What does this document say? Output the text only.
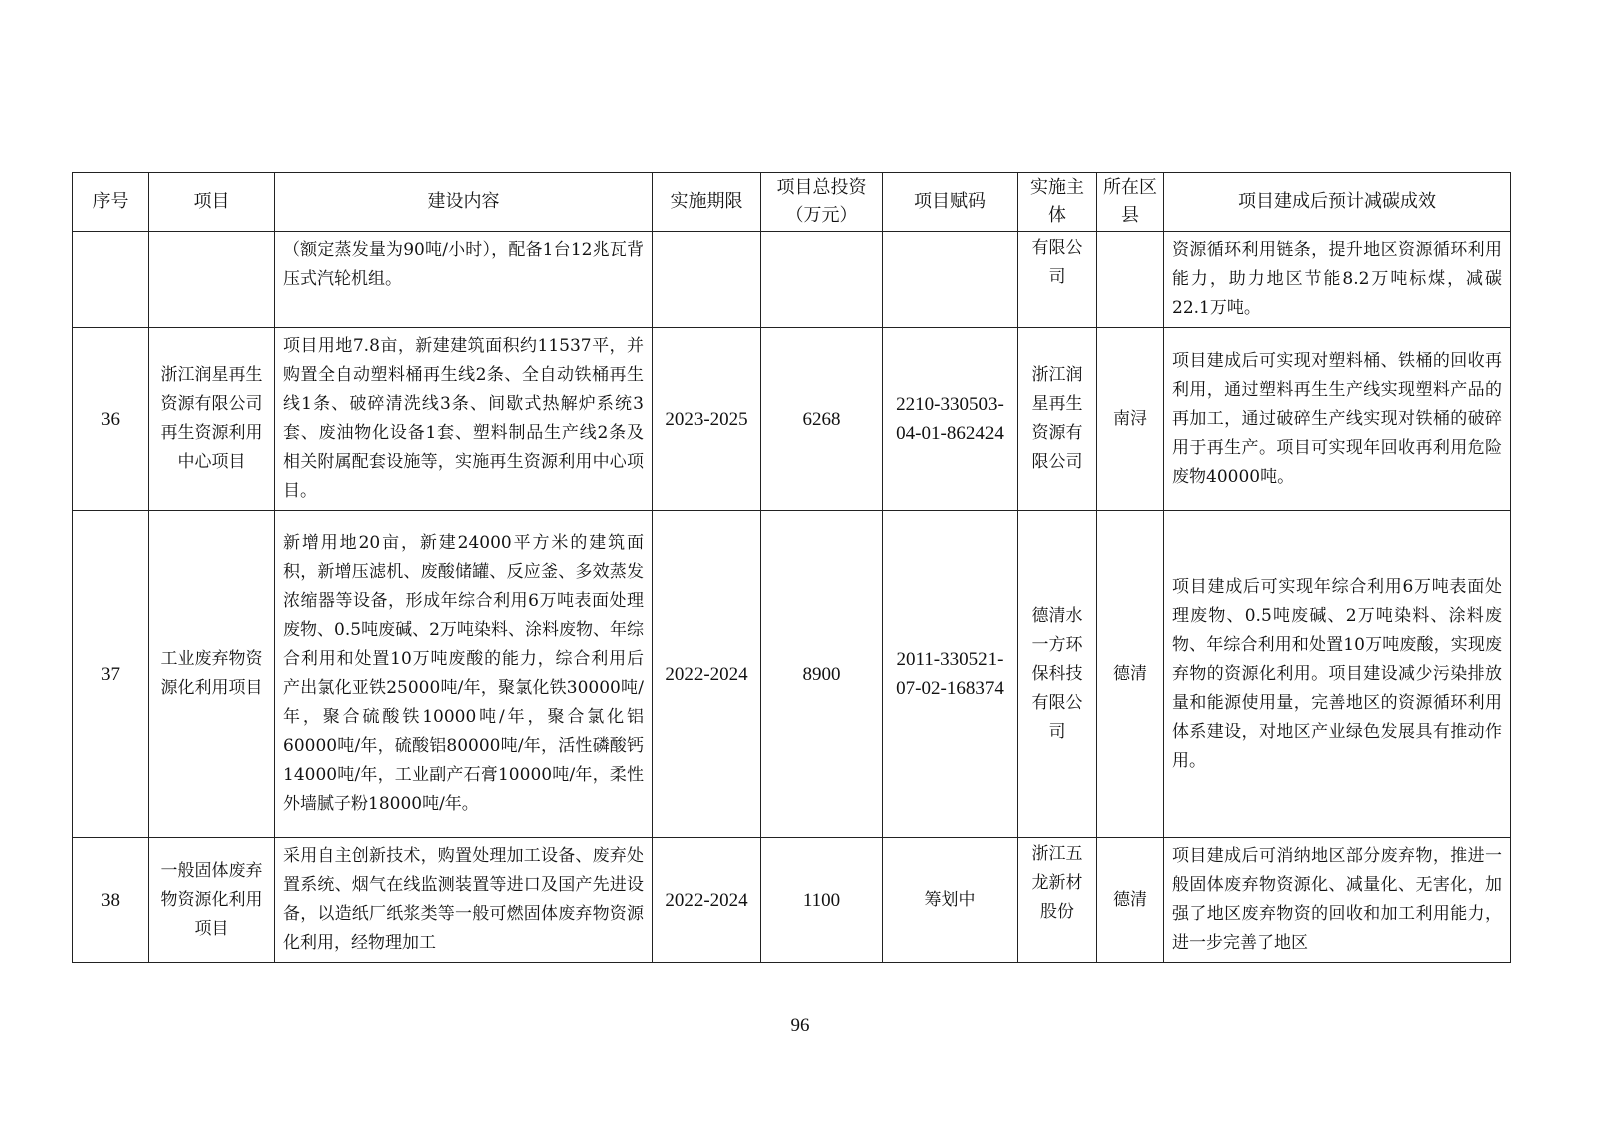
序号	项目	建设内容	实施期限	项目总投资（万元）	项目赋码	实施主体	所在区县	项目建成后预计减碳成效
		（额定蒸发量为90吨/小时），配备1台12兆瓦背压式汽轮机组。				有限公司		资源循环利用链条，提升地区资源循环利用能力，助力地区节能8.2万吨标煤，减碳22.1万吨。
36	浙江润星再生资源有限公司再生资源利用中心项目	项目用地7.8亩，新建建筑面积约11537平，并购置全自动塑料桶再生线2条、全自动铁桶再生线1条、破碎清洗线3条、间歇式热解炉系统3套、废油物化设备1套、塑料制品生产线2条及相关附属配套设施等，实施再生资源利用中心项目。	2023-2025	6268	2210-330503-04-01-862424	浙江润星再生资源有限公司	南浔	项目建成后可实现对塑料桶、铁桶的回收再利用，通过塑料再生生产线实现塑料产品的再加工，通过破碎生产线实现对铁桶的破碎用于再生产。项目可实现年回收再利用危险废物40000吨。
37	工业废弃物资源化利用项目	新增用地20亩，新建24000平方米的建筑面积，新增压滤机、废酸储罐、反应釜、多效蒸发浓缩器等设备，形成年综合利用6万吨表面处理废物、0.5吨废碱、2万吨染料、涂料废物、年综合利用和处置10万吨废酸的能力，综合利用后产出氯化亚铁25000吨/年，聚氯化铁30000吨/年，聚合硫酸铁10000吨/年，聚合氯化铝60000吨/年，硫酸铝80000吨/年，活性磷酸钙14000吨/年，工业副产石膏10000吨/年，柔性外墙腻子粉18000吨/年。	2022-2024	8900	2011-330521-07-02-168374	德清水一方环保科技有限公司	德清	项目建成后可实现年综合利用6万吨表面处理废物、0.5吨废碱、2万吨染料、涂料废物、年综合利用和处置10万吨废酸，实现废弃物的资源化利用。项目建设减少污染排放量和能源使用量，完善地区的资源循环利用体系建设，对地区产业绿色发展具有推动作用。
38	一般固体废弃物资源化利用项目	采用自主创新技术，购置处理加工设备、废弃处置系统、烟气在线监测装置等进口及国产先进设备，以造纸厂纸浆类等一般可燃固体废弃物资源化利用，经物理加工	2022-2024	1100	筹划中	浙江五龙新材股份	德清	项目建成后可消纳地区部分废弃物，推进一般固体废弃物资源化、减量化、无害化，加强了地区废弃物资的回收和加工利用能力，进一步完善了地区
96
